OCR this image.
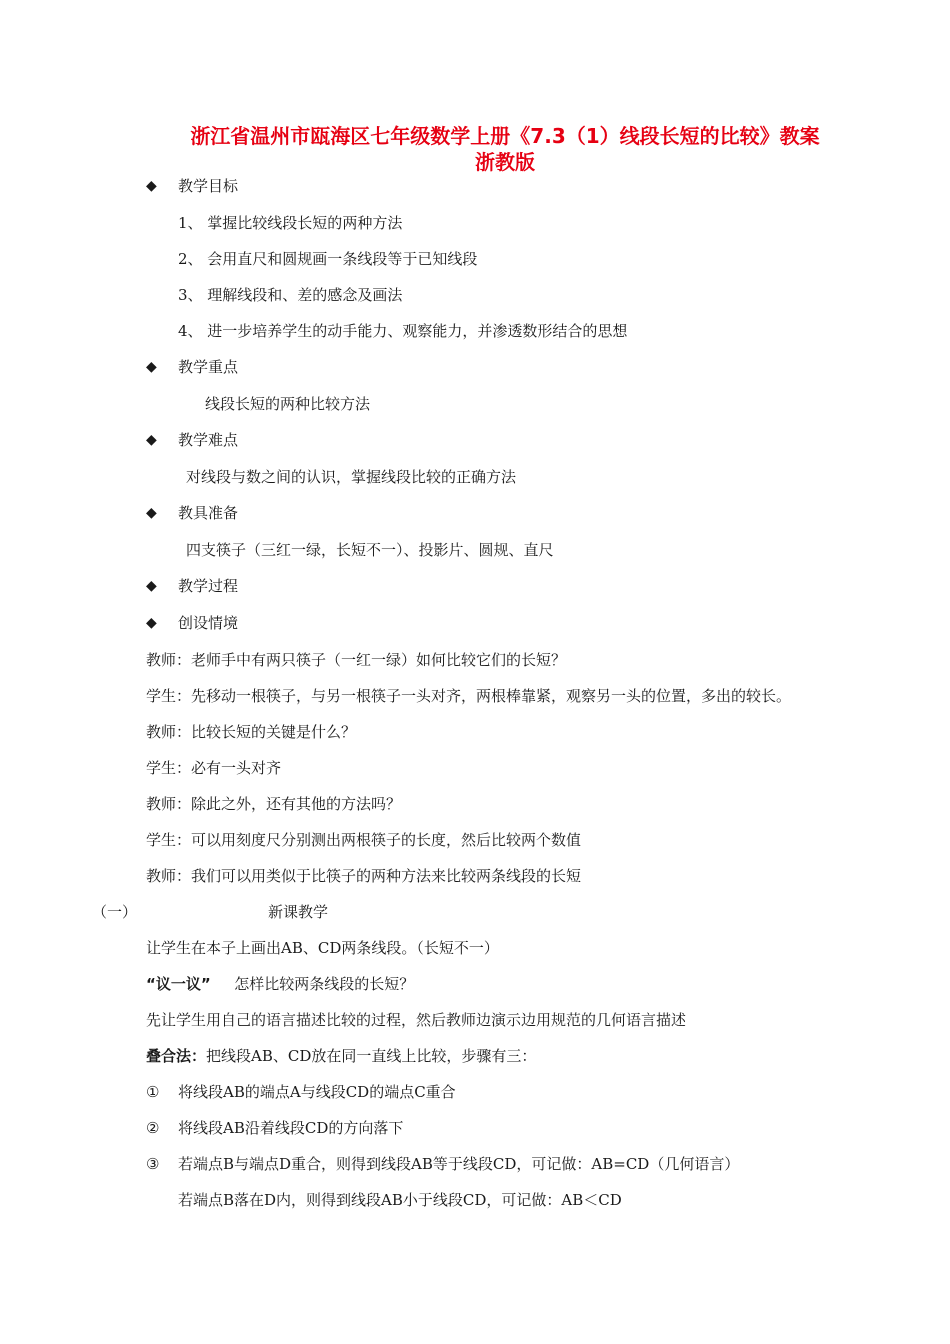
浙江省温州市瓯海区七年级数学上册《7.3（1）线段长短的比较》教案
浙教版
◆ 教学目标
1、 掌握比较线段长短的两种方法
2、 会用直尺和圆规画一条线段等于已知线段
3、 理解线段和、差的感念及画法
4、 进一步培养学生的动手能力、观察能力，并渗透数形结合的思想
◆ 教学重点
线段长短的两种比较方法
◆ 教学难点
对线段与数之间的认识，掌握线段比较的正确方法
◆ 教具准备
四支筷子（三红一绿，长短不一）、投影片、圆规、直尺
◆ 教学过程
◆ 创设情境
教师：老师手中有两只筷子（一红一绿）如何比较它们的长短？
学生：先移动一根筷子，与另一根筷子一头对齐，两根棒靠紧，观察另一头的位置，多出的较长。
教师：比较长短的关键是什么？
学生：必有一头对齐
教师：除此之外，还有其他的方法吗？
学生：可以用刻度尺分别测出两根筷子的长度，然后比较两个数值
教师：我们可以用类似于比筷子的两种方法来比较两条线段的长短
（一）	新课教学
让学生在本子上画出AB、CD两条线段。（长短不一）
“议一议” 怎样比较两条线段的长短？
先让学生用自己的语言描述比较的过程，然后教师边演示边用规范的几何语言描述
叠合法：把线段AB、CD放在同一直线上比较，步骤有三：
① 将线段AB的端点A与线段CD的端点C重合
② 将线段AB沿着线段CD的方向落下
③ 若端点B与端点D重合，则得到线段AB等于线段CD，可记做：AB=CD（几何语言）
若端点B落在D内，则得到线段AB小于线段CD，可记做：AB＜CD
